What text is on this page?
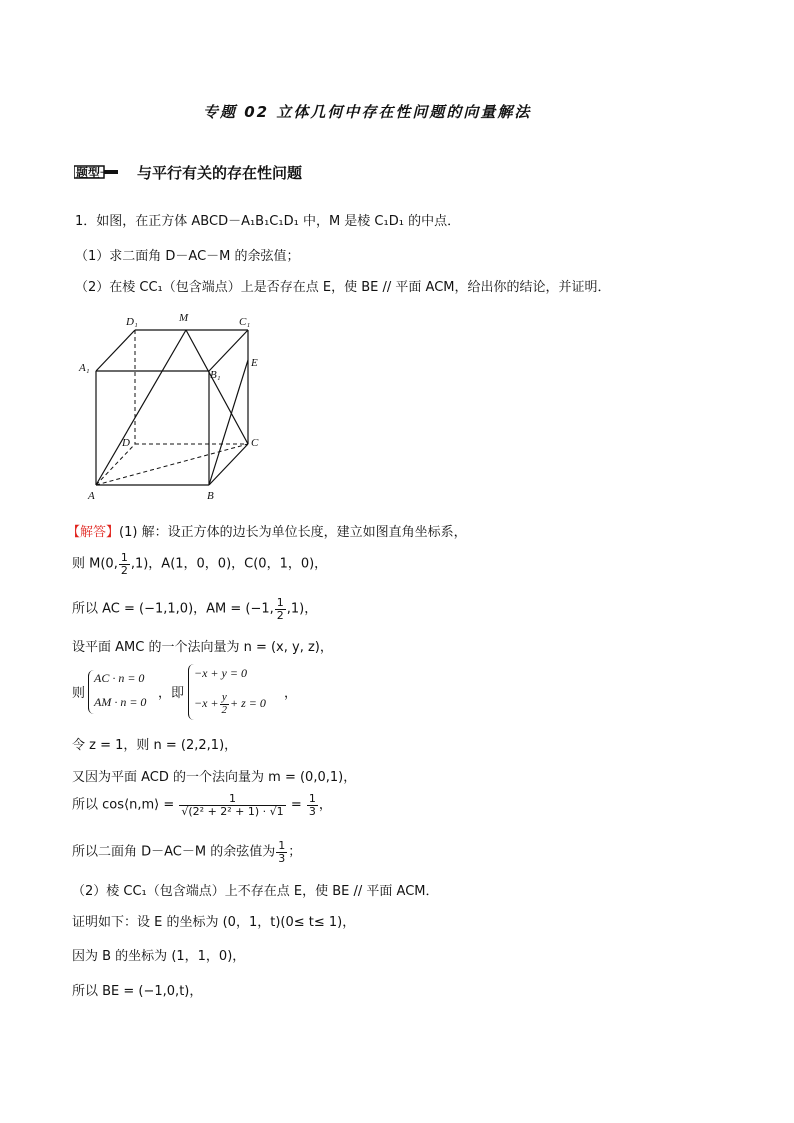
专题 02 立体几何中存在性问题的向量解法
题型一 与平行有关的存在性问题
1．如图，在正方体 ABCD－A₁B₁C₁D₁ 中，M 是棱 C₁D₁ 的中点．
（1）求二面角 D－AC－M 的余弦值；
（2）在棱 CC₁（包含端点）上是否存在点 E，使 BE // 平面 ACM，给出你的结论，并证明．
D₁	M	C₁
A₁
B₁
E
D	C
A	B
【解答】(1) 解：设正方体的边长为单位长度，建立如图直角坐标系，
则 M(0, $\frac{1}{2} ,1$)，A(1，0，0)，C(0，1，0)，
所以 AC = (−1,1,0)，AM = (−1, $\frac{1}{2} ,1$)，
设平面 AMC 的一个法向量为 n = (x, y, z)，
则
AC · n = 0
AM · n = 0
，即
−x + y = 0
$-x + \frac{y}{2} + z = 0$
，
令 z = 1，则 n = (2,2,1)，
又因为平面 ACD 的一个法向量为 m = (0,0,1)，
所以 cos⟨n,m⟩ = $\frac{1}{\text{√(2² + 2² + 1) · √1}} = \frac{1}{3}$ ，
所以二面角 D－AC－M 的余弦值为 $\frac{1}{3}$ ；
（2）棱 CC₁（包含端点）上不存在点 E，使 BE // 平面 ACM．
证明如下：设 E 的坐标为 (0，1，t)(0≤ t≤ 1)，
因为 B 的坐标为 (1，1，0)，
所以 BE = (−1,0,t)，
